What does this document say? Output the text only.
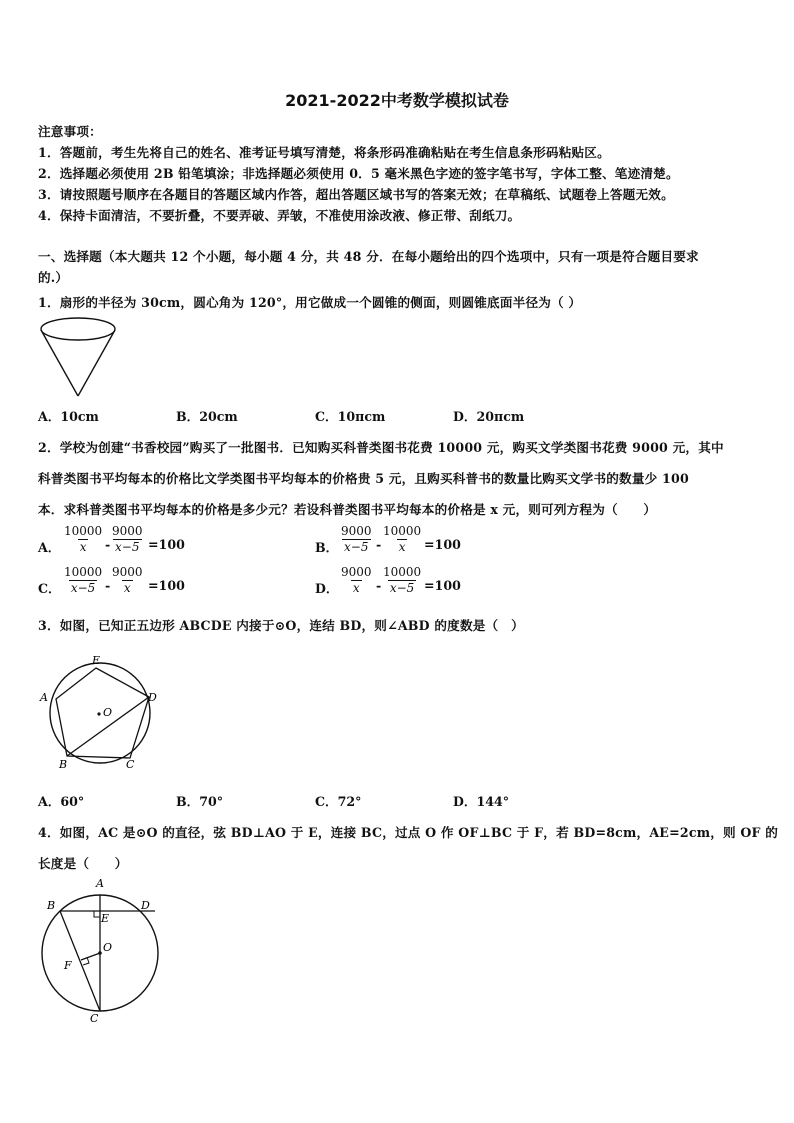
2021-2022中考数学模拟试卷
注意事项：
1．答题前，考生先将自己的姓名、准考证号填写清楚，将条形码准确粘贴在考生信息条形码粘贴区。
2．选择题必须使用 2B 铅笔填涂；非选择题必须使用 0．5 毫米黑色字迹的签字笔书写，字体工整、笔迹清楚。
3．请按照题号顺序在各题目的答题区域内作答，超出答题区域书写的答案无效；在草稿纸、试题卷上答题无效。
4．保持卡面清洁，不要折叠，不要弄破、弄皱，不准使用涂改液、修正带、刮纸刀。
一、选择题（本大题共 12 个小题，每小题 4 分，共 48 分．在每小题给出的四个选项中，只有一项是符合题目要求
的.）
1．扇形的半径为 30cm，圆心角为 120°，用它做成一个圆锥的侧面，则圆锥底面半径为（ ）
A．10cm	B．20cm	C．10πcm	D．20πcm
2．学校为创建“书香校园”购买了一批图书．已知购买科普类图书花费 10000 元，购买文学类图书花费 9000 元，其中
科普类图书平均每本的价格比文学类图书平均每本的价格贵 5 元，且购买科普书的数量比购买文学书的数量少 100
本．求科普类图书平均每本的价格是多少元？若设科普类图书平均每本的价格是 x 元，则可列方程为（　　）
A． $\frac{10000}{x} - \frac{9000}{x-5} =100$	B． $\frac{9000}{x-5} - \frac{10000}{x} =100$
C． $\frac{10000}{x-5} - \frac{9000}{x} =100$	D． $\frac{9000}{x} - \frac{10000}{x-5} =100$
3．如图，已知正五边形 ABCDE 内接于⊙O，连结 BD，则∠ABD 的度数是（　）
E
D
A
B	C
O
A．60°	B．70°	C．72°	D．144°
4．如图，AC 是⊙O 的直径，弦 BD⊥AO 于 E，连接 BC，过点 O 作 OF⊥BC 于 F，若 BD=8cm，AE=2cm，则 OF 的
长度是（　　）
A
B	D
E
O
F
C
